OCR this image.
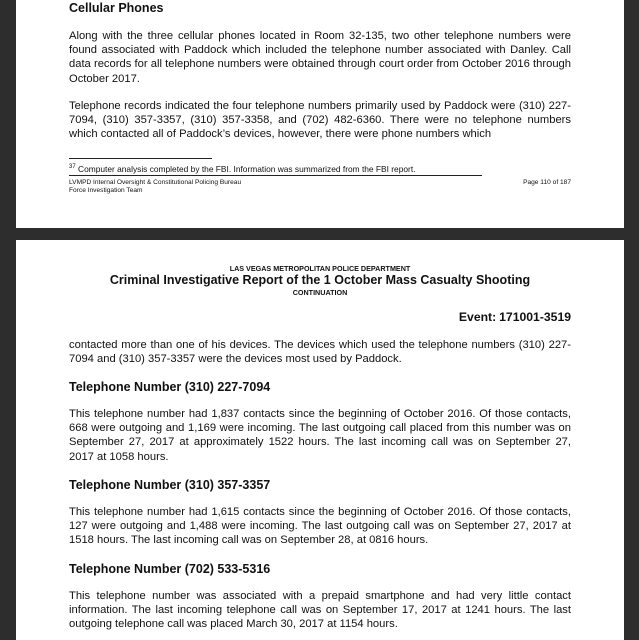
Cellular Phones

Along with the three cellular phones located in Room 32-135, two other telephone numbers were found associated with Paddock which included the telephone number associated with Danley. Call data records for all telephone numbers were obtained through court order from October 2016 through October 2017.

Telephone records indicated the four telephone numbers primarily used by Paddock were (310) 227-7094, (310) 357-3357, (310) 357-3358, and (702) 482-6360. There were no telephone numbers which contacted all of Paddock’s devices, however, there were phone numbers which

$^{37}$ Computer analysis completed by the FBI. Information was summarized from the FBI report.
LVMPD Internal Oversight & Constitutional Policing Bureau
Force Investigation Team
Page 110 of 187
LAS VEGAS METROPOLITAN POLICE DEPARTMENT
Criminal Investigative Report of the 1 October Mass Casualty Shooting
CONTINUATION
Event: 171001-3519

contacted more than one of his devices. The devices which used the telephone numbers (310) 227-7094 and (310) 357-3357 were the devices most used by Paddock.

Telephone Number (310) 227-7094

This telephone number had 1,837 contacts since the beginning of October 2016. Of those contacts, 668 were outgoing and 1,169 were incoming. The last outgoing call placed from this number was on September 27, 2017 at approximately 1522 hours. The last incoming call was on September 27, 2017 at 1058 hours.

Telephone Number (310) 357-3357

This telephone number had 1,615 contacts since the beginning of October 2016. Of those contacts, 127 were outgoing and 1,488 were incoming. The last outgoing call was on September 27, 2017 at 1518 hours. The last incoming call was on September 28, at 0816 hours.

Telephone Number (702) 533-5316

This telephone number was associated with a prepaid smartphone and had very little contact information. The last incoming telephone call was on September 17, 2017 at 1241 hours. The last outgoing telephone call was placed March 30, 2017 at 1154 hours.
